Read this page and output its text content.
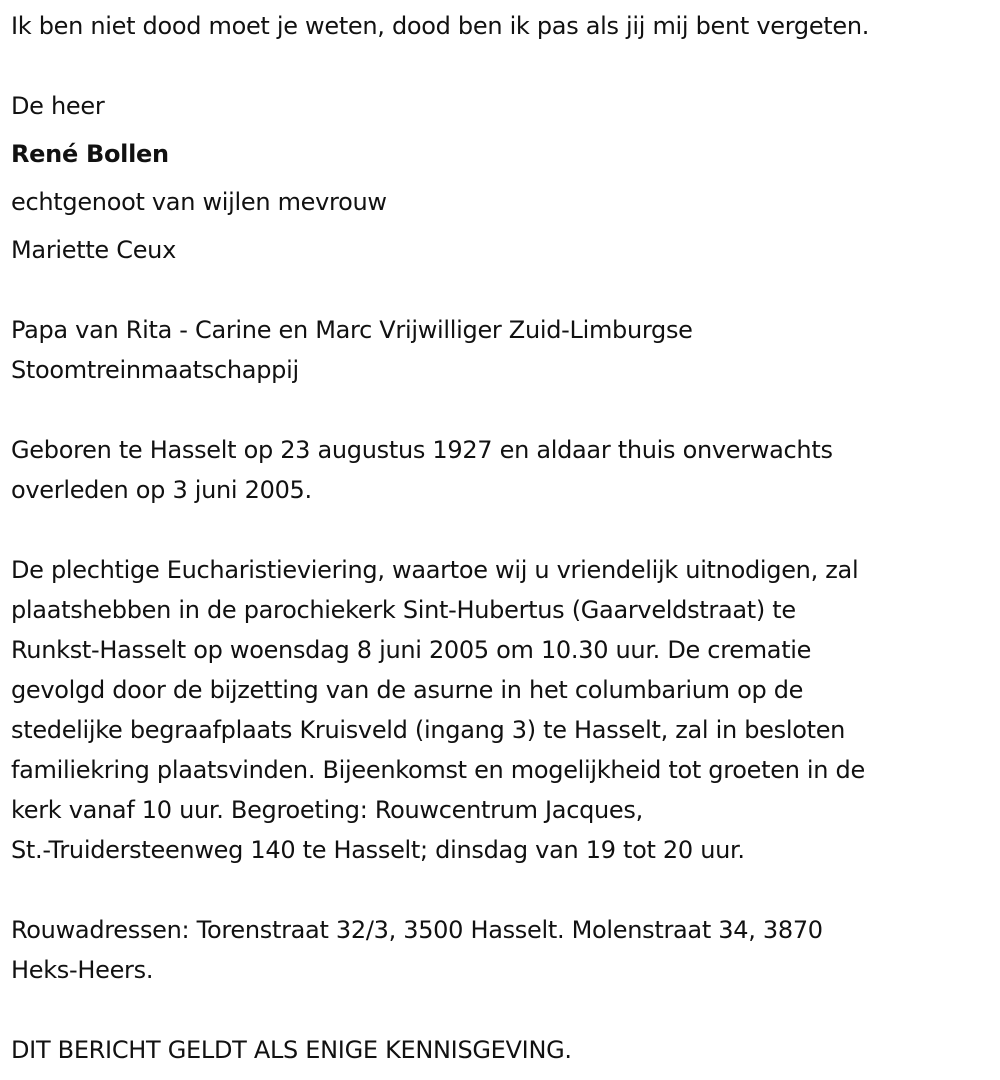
Ik ben niet dood moet je weten, dood ben ik pas als jij mij bent vergeten.
De heer
René Bollen
echtgenoot van wijlen mevrouw
Mariette Ceux
Papa van Rita - Carine en Marc Vrijwilliger Zuid-Limburgse
Stoomtreinmaatschappij
Geboren te Hasselt op 23 augustus 1927 en aldaar thuis onverwachts
overleden op 3 juni 2005.
De plechtige Eucharistieviering, waartoe wij u vriendelijk uitnodigen, zal
plaatshebben in de parochiekerk Sint-Hubertus (Gaarveldstraat) te
Runkst-Hasselt op woensdag 8 juni 2005 om 10.30 uur. De crematie
gevolgd door de bijzetting van de asurne in het columbarium op de
stedelijke begraafplaats Kruisveld (ingang 3) te Hasselt, zal in besloten
familiekring plaatsvinden. Bijeenkomst en mogelijkheid tot groeten in de
kerk vanaf 10 uur. Begroeting: Rouwcentrum Jacques,
St.-Truidersteenweg 140 te Hasselt; dinsdag van 19 tot 20 uur.
Rouwadressen: Torenstraat 32/3, 3500 Hasselt. Molenstraat 34, 3870
Heks-Heers.
DIT BERICHT GELDT ALS ENIGE KENNISGEVING.
